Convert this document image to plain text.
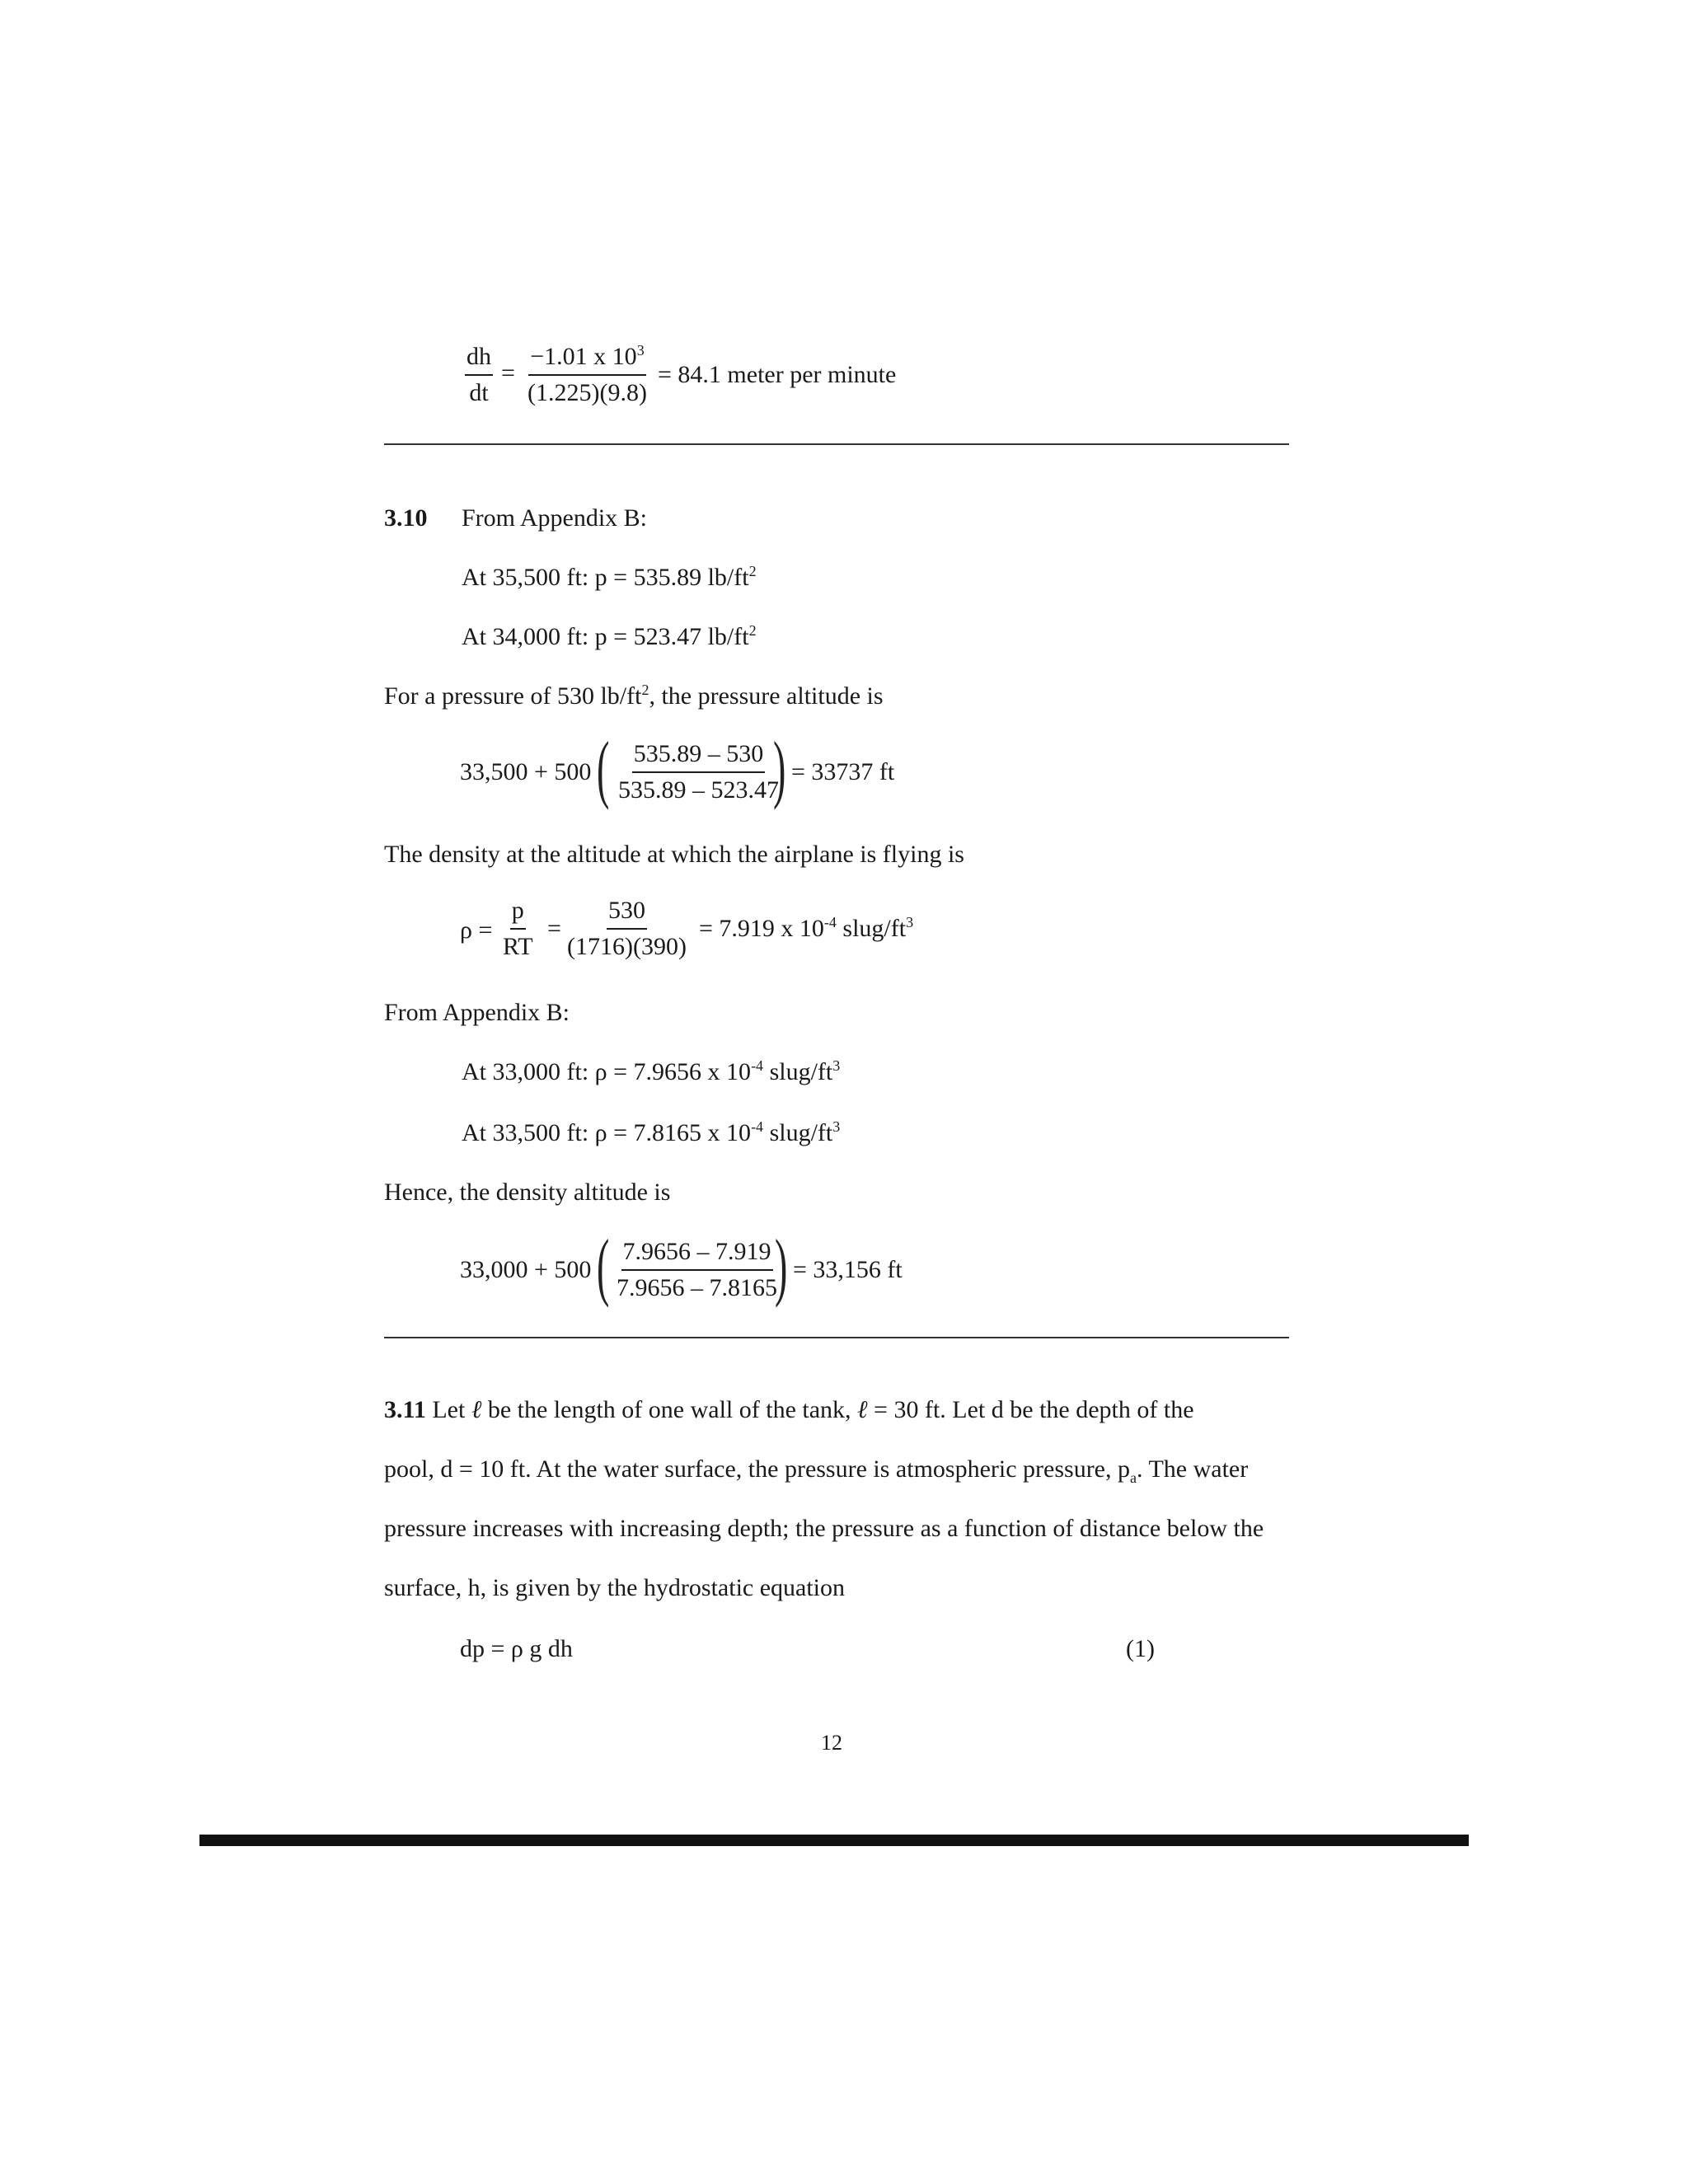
$\frac{dh}{dt} = \frac{-1.01 x 10^3}{(1.225)(9.8)} = 84.1$ meter per minute
3.10 From Appendix B:
At 35,500 ft: p = 535.89 $lb/ft^2$
At 34,000 ft: p = 523.47 $lb/ft^2$
For a pressure of 530 $lb/ft^2$, the pressure altitude is
33,500 + 500 ( $\frac{535.89 - 530}{535.89 - 523.47}$
) = 33737 ft
The density at the altitude at which the airplane is flying is
$\rho = \frac{p}{RT} = \frac{530}{(1716)(390)} = 7.919$ x $10^{-4}$ slug/$ft^3$
From Appendix B:
At 33,000 ft: ρ = 7.9656 x $10^{-4}$ slug/$ft^3$
At 33,500 ft: ρ = 7.8165 x $10^{-4}$ slug/$ft^3$
Hence, the density altitude is
33,000 + 500 ( $\frac{7.9656 - 7.919}{7.9656 - 7.8165}$
) = 33,156 ft
3.11 Let ℓ be the length of one wall of the tank, ℓ = 30 ft. Let d be the depth of the
pool, d = 10 ft. At the water surface, the pressure is atmospheric pressure, $p_a$. The water
pressure increases with increasing depth; the pressure as a function of distance below the
surface, h, is given by the hydrostatic equation
dp = ρ g dh	(1)
12
